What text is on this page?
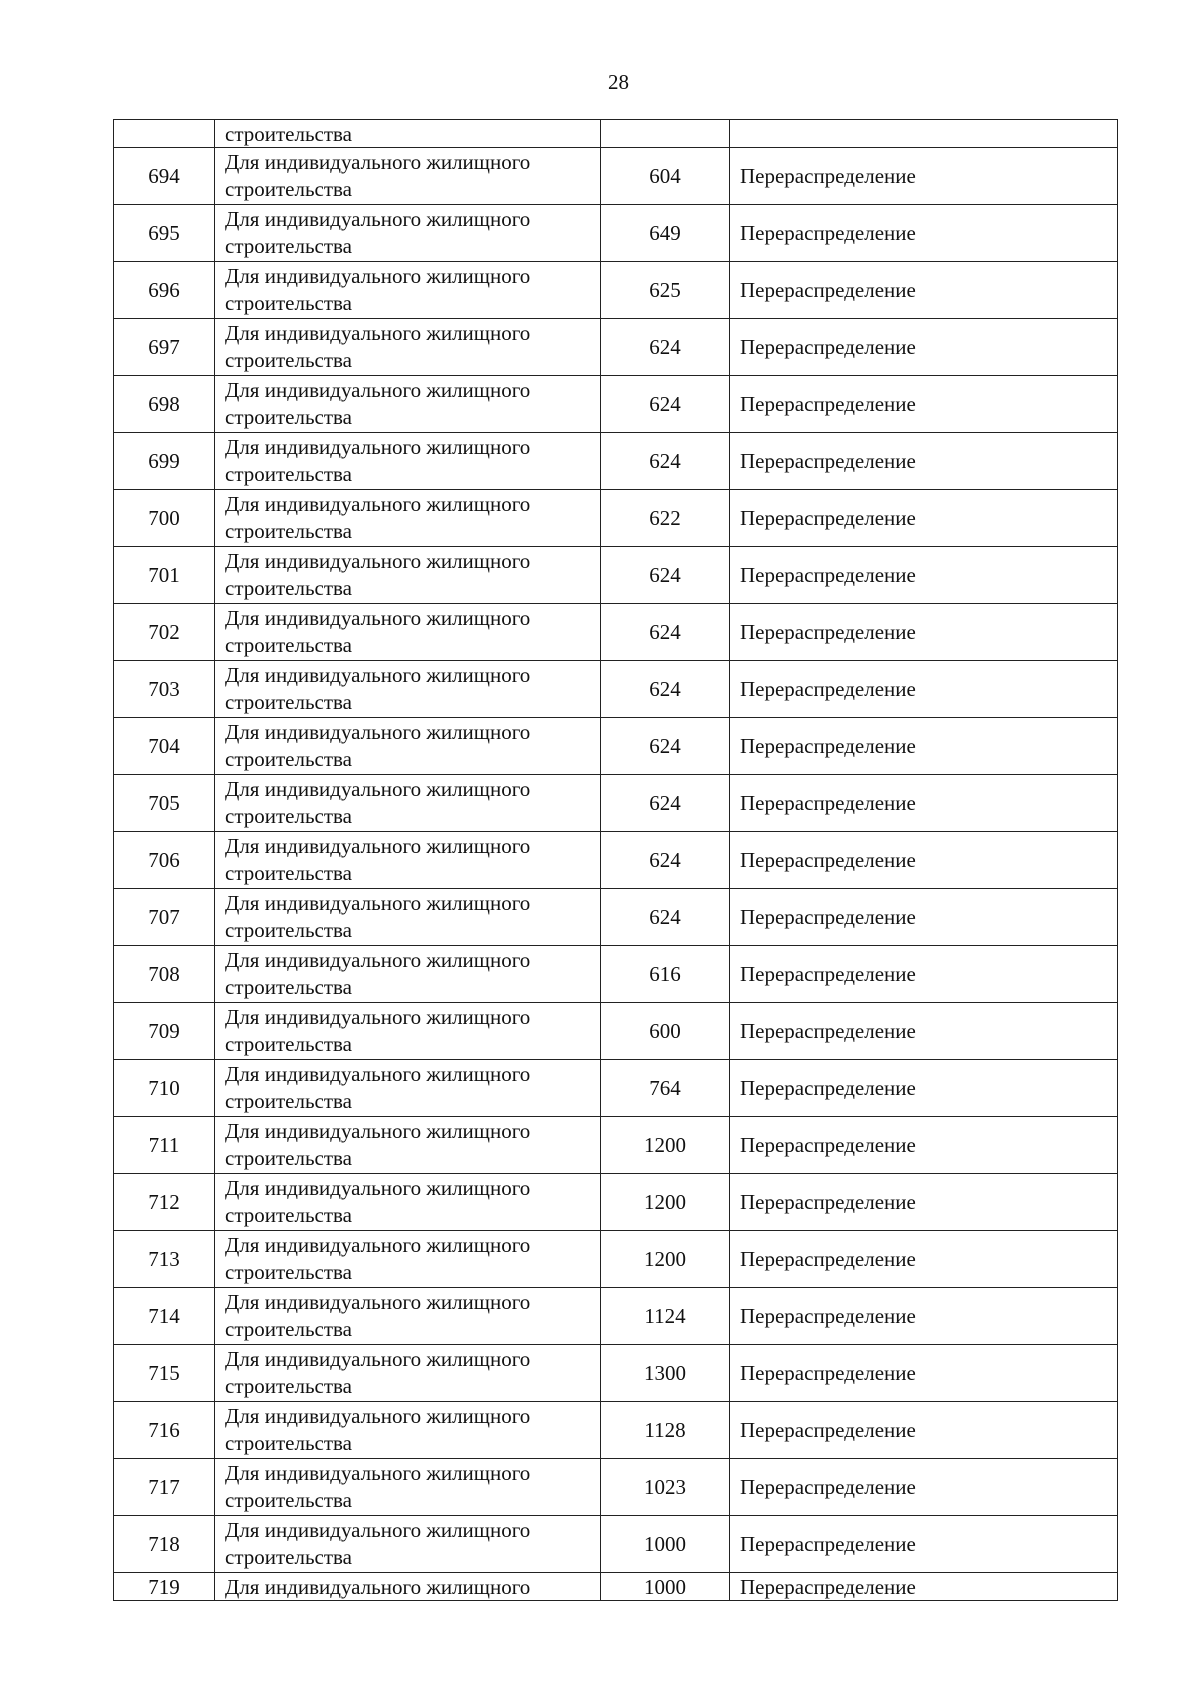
28
	строительства		
694	Для индивидуального жилищного строительства	604	Перераспределение
695	Для индивидуального жилищного строительства	649	Перераспределение
696	Для индивидуального жилищного строительства	625	Перераспределение
697	Для индивидуального жилищного строительства	624	Перераспределение
698	Для индивидуального жилищного строительства	624	Перераспределение
699	Для индивидуального жилищного строительства	624	Перераспределение
700	Для индивидуального жилищного строительства	622	Перераспределение
701	Для индивидуального жилищного строительства	624	Перераспределение
702	Для индивидуального жилищного строительства	624	Перераспределение
703	Для индивидуального жилищного строительства	624	Перераспределение
704	Для индивидуального жилищного строительства	624	Перераспределение
705	Для индивидуального жилищного строительства	624	Перераспределение
706	Для индивидуального жилищного строительства	624	Перераспределение
707	Для индивидуального жилищного строительства	624	Перераспределение
708	Для индивидуального жилищного строительства	616	Перераспределение
709	Для индивидуального жилищного строительства	600	Перераспределение
710	Для индивидуального жилищного строительства	764	Перераспределение
711	Для индивидуального жилищного строительства	1200	Перераспределение
712	Для индивидуального жилищного строительства	1200	Перераспределение
713	Для индивидуального жилищного строительства	1200	Перераспределение
714	Для индивидуального жилищного строительства	1124	Перераспределение
715	Для индивидуального жилищного строительства	1300	Перераспределение
716	Для индивидуального жилищного строительства	1128	Перераспределение
717	Для индивидуального жилищного строительства	1023	Перераспределение
718	Для индивидуального жилищного строительства	1000	Перераспределение
719	Для индивидуального жилищного	1000	Перераспределение
